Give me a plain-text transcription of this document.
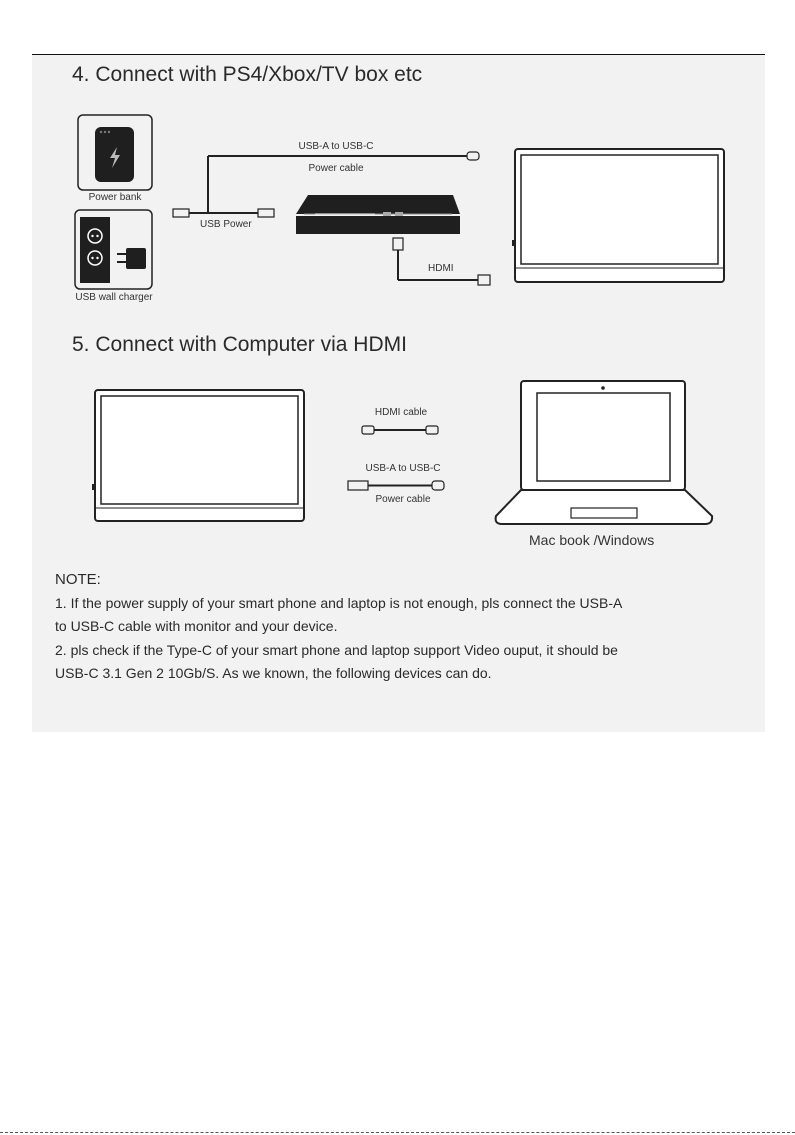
4. Connect with PS4/Xbox/TV box etc
5. Connect with Computer via HDMI
Power bank
USB wall charger
USB Power
USB-A to USB-C
Power cable
HDMI
HDMI cable
USB-A to USB-C
Power cable
Mac book /Windows

NOTE:

1. If the power supply of your smart phone and laptop is not enough, pls connect the USB-A

to USB-C cable with monitor and your device.

2. pls check if the Type-C of your smart phone and laptop support Video ouput, it should be

USB-C 3.1 Gen 2 10Gb/S. As we known, the following devices can do.
